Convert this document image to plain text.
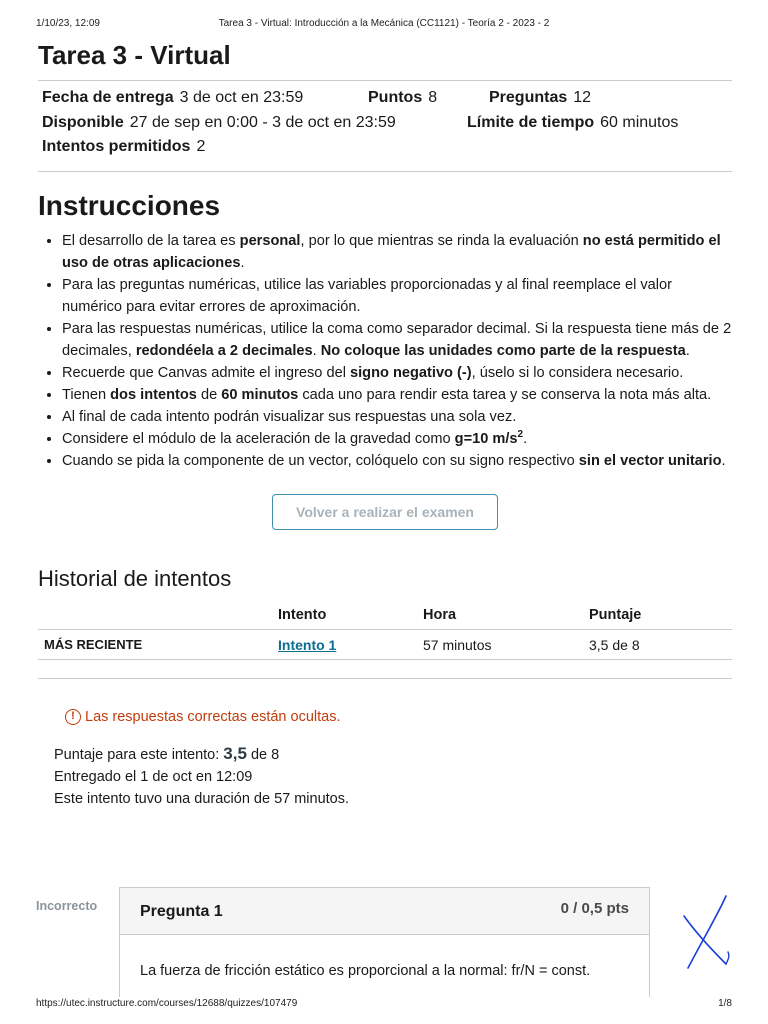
1/10/23, 12:09	Tarea 3 - Virtual: Introducción a la Mecánica (CC1121) - Teoría 2 - 2023 - 2
Tarea 3 - Virtual
Fecha de entrega 3 de oct en 23:59	Puntos 8	Preguntas 12
Disponible 27 de sep en 0:00 - 3 de oct en 23:59	Límite de tiempo 60 minutos
Intentos permitidos 2
Instrucciones
• El desarrollo de la tarea es personal, por lo que mientras se rinda la evaluación no está permitido el uso de otras aplicaciones.
• Para las preguntas numéricas, utilice las variables proporcionadas y al final reemplace el valor numérico para evitar errores de aproximación.
• Para las respuestas numéricas, utilice la coma como separador decimal. Si la respuesta tiene más de 2 decimales, redondéela a 2 decimales. No coloque las unidades como parte de la respuesta.
• Recuerde que Canvas admite el ingreso del signo negativo (-), úselo si lo considera necesario.
• Tienen dos intentos de 60 minutos cada uno para rendir esta tarea y se conserva la nota más alta.
• Al final de cada intento podrán visualizar sus respuestas una sola vez.
• Considere el módulo de la aceleración de la gravedad como g=10 $m/s^2$.
• Cuando se pida la componente de un vector, colóquelo con su signo respectivo sin el vector unitario.
Volver a realizar el examen
Historial de intentos
	Intento	Hora	Puntaje
MÁS RECIENTE	Intento 1	57 minutos	3,5 de 8
! Las respuestas correctas están ocultas.
Puntaje para este intento: 3,5 de 8
Entregado el 1 de oct en 12:09
Este intento tuvo una duración de 57 minutos.
Incorrecto	Pregunta 1	0 / 0,5 pts
La fuerza de fricción estático es proporcional a la normal: fr/N = const.
https://utec.instructure.com/courses/12688/quizzes/107479	1/8
